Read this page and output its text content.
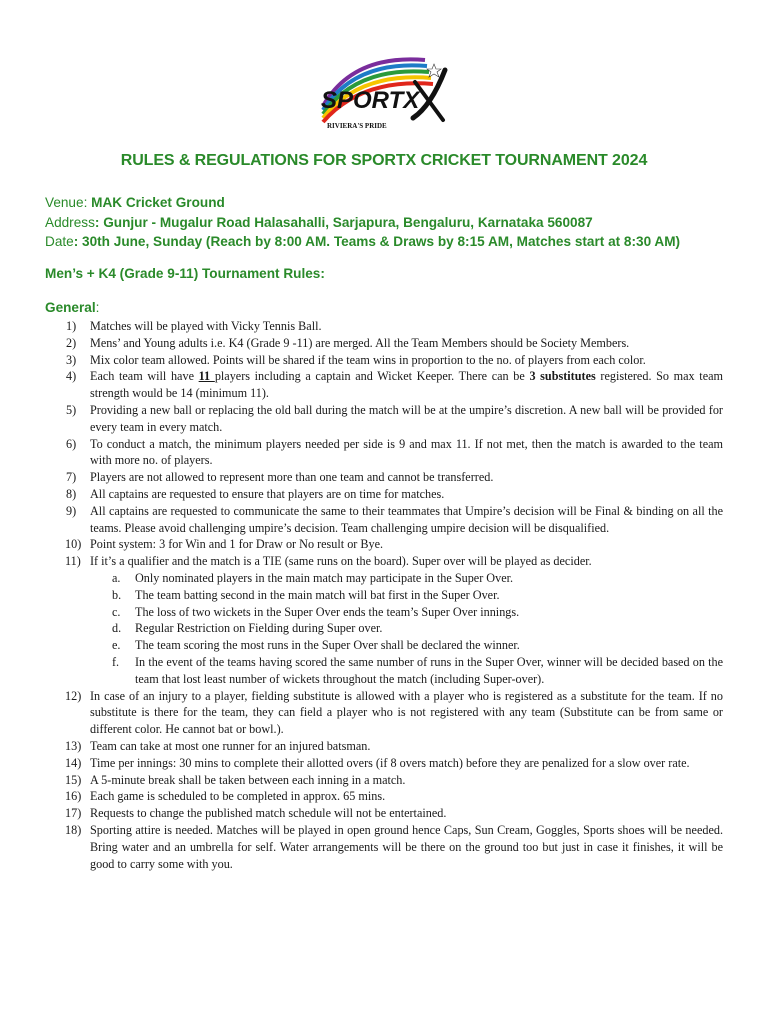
SPORTX
RIVIERA'S PRIDE
RULES & REGULATIONS FOR SPORTX CRICKET TOURNAMENT 2024
Venue: MAK Cricket Ground
Address: Gunjur - Mugalur Road Halasahalli, Sarjapura, Bengaluru, Karnataka 560087
Date: 30th June, Sunday (Reach by 8:00 AM. Teams & Draws by 8:15 AM, Matches start at 8:30 AM)
Men’s + K4 (Grade 9-11) Tournament Rules:
General:
1) Matches will be played with Vicky Tennis Ball.
2) Mens’ and Young adults i.e. K4 (Grade 9 -11) are merged. All the Team Members should be Society Members.
3) Mix color team allowed. Points will be shared if the team wins in proportion to the no. of players from each color.
4) Each team will have 11 players including a captain and Wicket Keeper. There can be 3 substitutes registered. So max team strength would be 14 (minimum 11).
5) Providing a new ball or replacing the old ball during the match will be at the umpire’s discretion. A new ball will be provided for every team in every match.
6) To conduct a match, the minimum players needed per side is 9 and max 11. If not met, then the match is awarded to the team with more no. of players.
7) Players are not allowed to represent more than one team and cannot be transferred.
8) All captains are requested to ensure that players are on time for matches.
9) All captains are requested to communicate the same to their teammates that Umpire’s decision will be Final & binding on all the teams. Please avoid challenging umpire’s decision. Team challenging umpire decision will be disqualified.
10) Point system: 3 for Win and 1 for Draw or No result or Bye.
11) If it’s a qualifier and the match is a TIE (same runs on the board). Super over will be played as decider.
a. Only nominated players in the main match may participate in the Super Over.
b. The team batting second in the main match will bat first in the Super Over.
c. The loss of two wickets in the Super Over ends the team’s Super Over innings.
d. Regular Restriction on Fielding during Super over.
e. The team scoring the most runs in the Super Over shall be declared the winner.
f. In the event of the teams having scored the same number of runs in the Super Over, winner will be decided based on the team that lost least number of wickets throughout the match (including Super-over).
12) In case of an injury to a player, fielding substitute is allowed with a player who is registered as a substitute for the team. If no substitute is there for the team, they can field a player who is not registered with any team (Substitute can be from same or different color. He cannot bat or bowl.).
13) Team can take at most one runner for an injured batsman.
14) Time per innings: 30 mins to complete their allotted overs (if 8 overs match) before they are penalized for a slow over rate.
15) A 5-minute break shall be taken between each inning in a match.
16) Each game is scheduled to be completed in approx. 65 mins.
17) Requests to change the published match schedule will not be entertained.
18) Sporting attire is needed. Matches will be played in open ground hence Caps, Sun Cream, Goggles, Sports shoes will be needed. Bring water and an umbrella for self. Water arrangements will be there on the ground too but just in case it finishes, it will be good to carry some with you.
